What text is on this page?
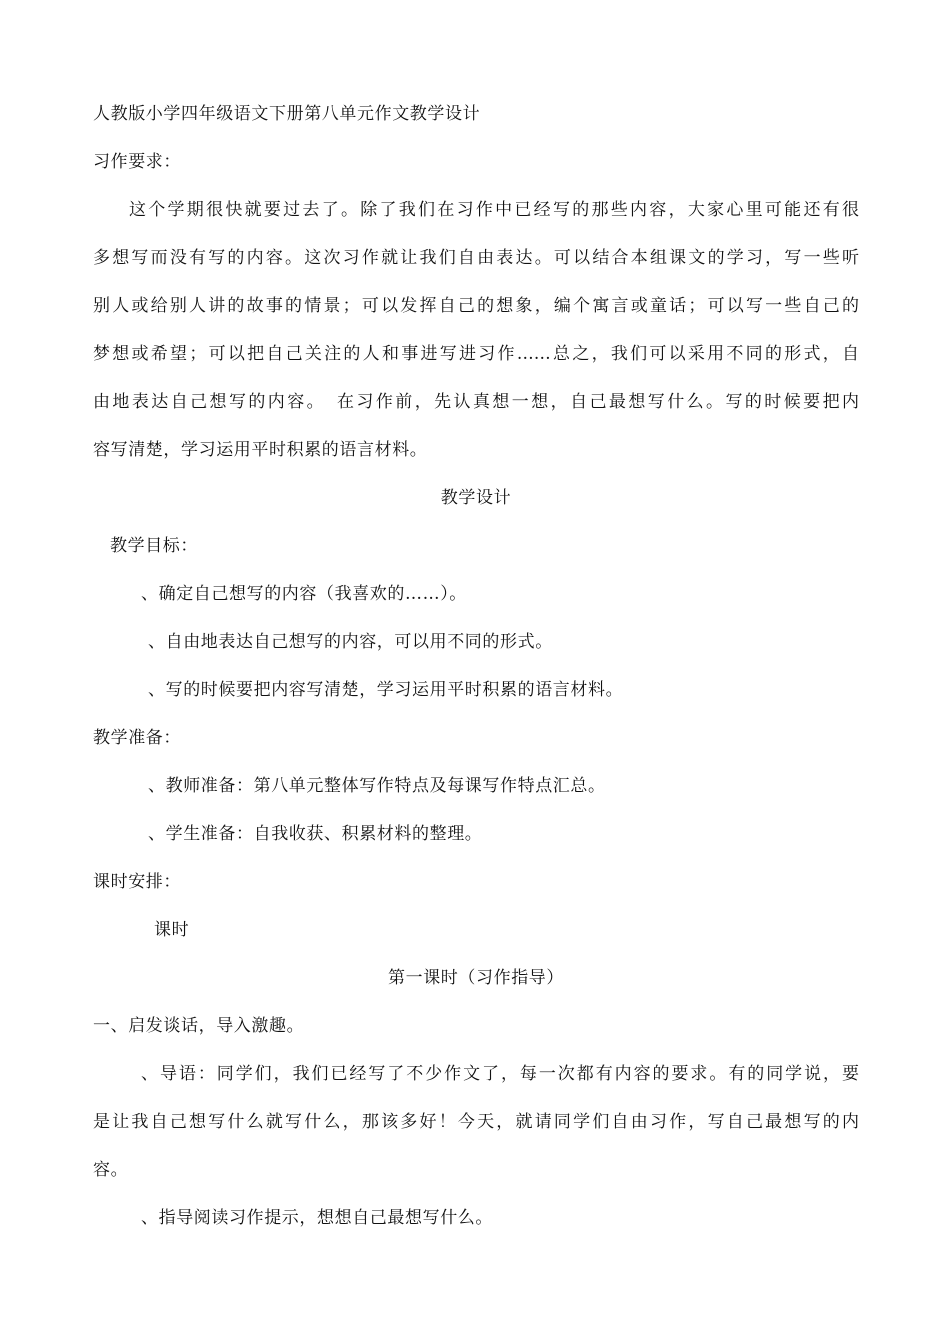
人教版小学四年级语文下册第八单元作文教学设计
习作要求：
这个学期很快就要过去了。除了我们在习作中已经写的那些内容，大家心里可能还有很
多想写而没有写的内容。这次习作就让我们自由表达。可以结合本组课文的学习，写一些听
别人或给别人讲的故事的情景；可以发挥自己的想象，编个寓言或童话；可以写一些自己的
梦想或希望；可以把自己关注的人和事进写进习作……总之，我们可以采用不同的形式，自
由地表达自己想写的内容。　在习作前，先认真想一想，自己最想写什么。写的时候要把内
容写清楚，学习运用平时积累的语言材料。
教学设计
教学目标：
、确定自己想写的内容（我喜欢的……）。
、自由地表达自己想写的内容，可以用不同的形式。
、写的时候要把内容写清楚，学习运用平时积累的语言材料。
教学准备：
、教师准备：第八单元整体写作特点及每课写作特点汇总。
、学生准备：自我收获、积累材料的整理。
课时安排：
课时
第一课时（习作指导）
一、启发谈话，导入激趣。
、导语：同学们，我们已经写了不少作文了，每一次都有内容的要求。有的同学说，要
是让我自己想写什么就写什么，那该多好！今天，就请同学们自由习作，写自己最想写的内
容。
、指导阅读习作提示，想想自己最想写什么。
